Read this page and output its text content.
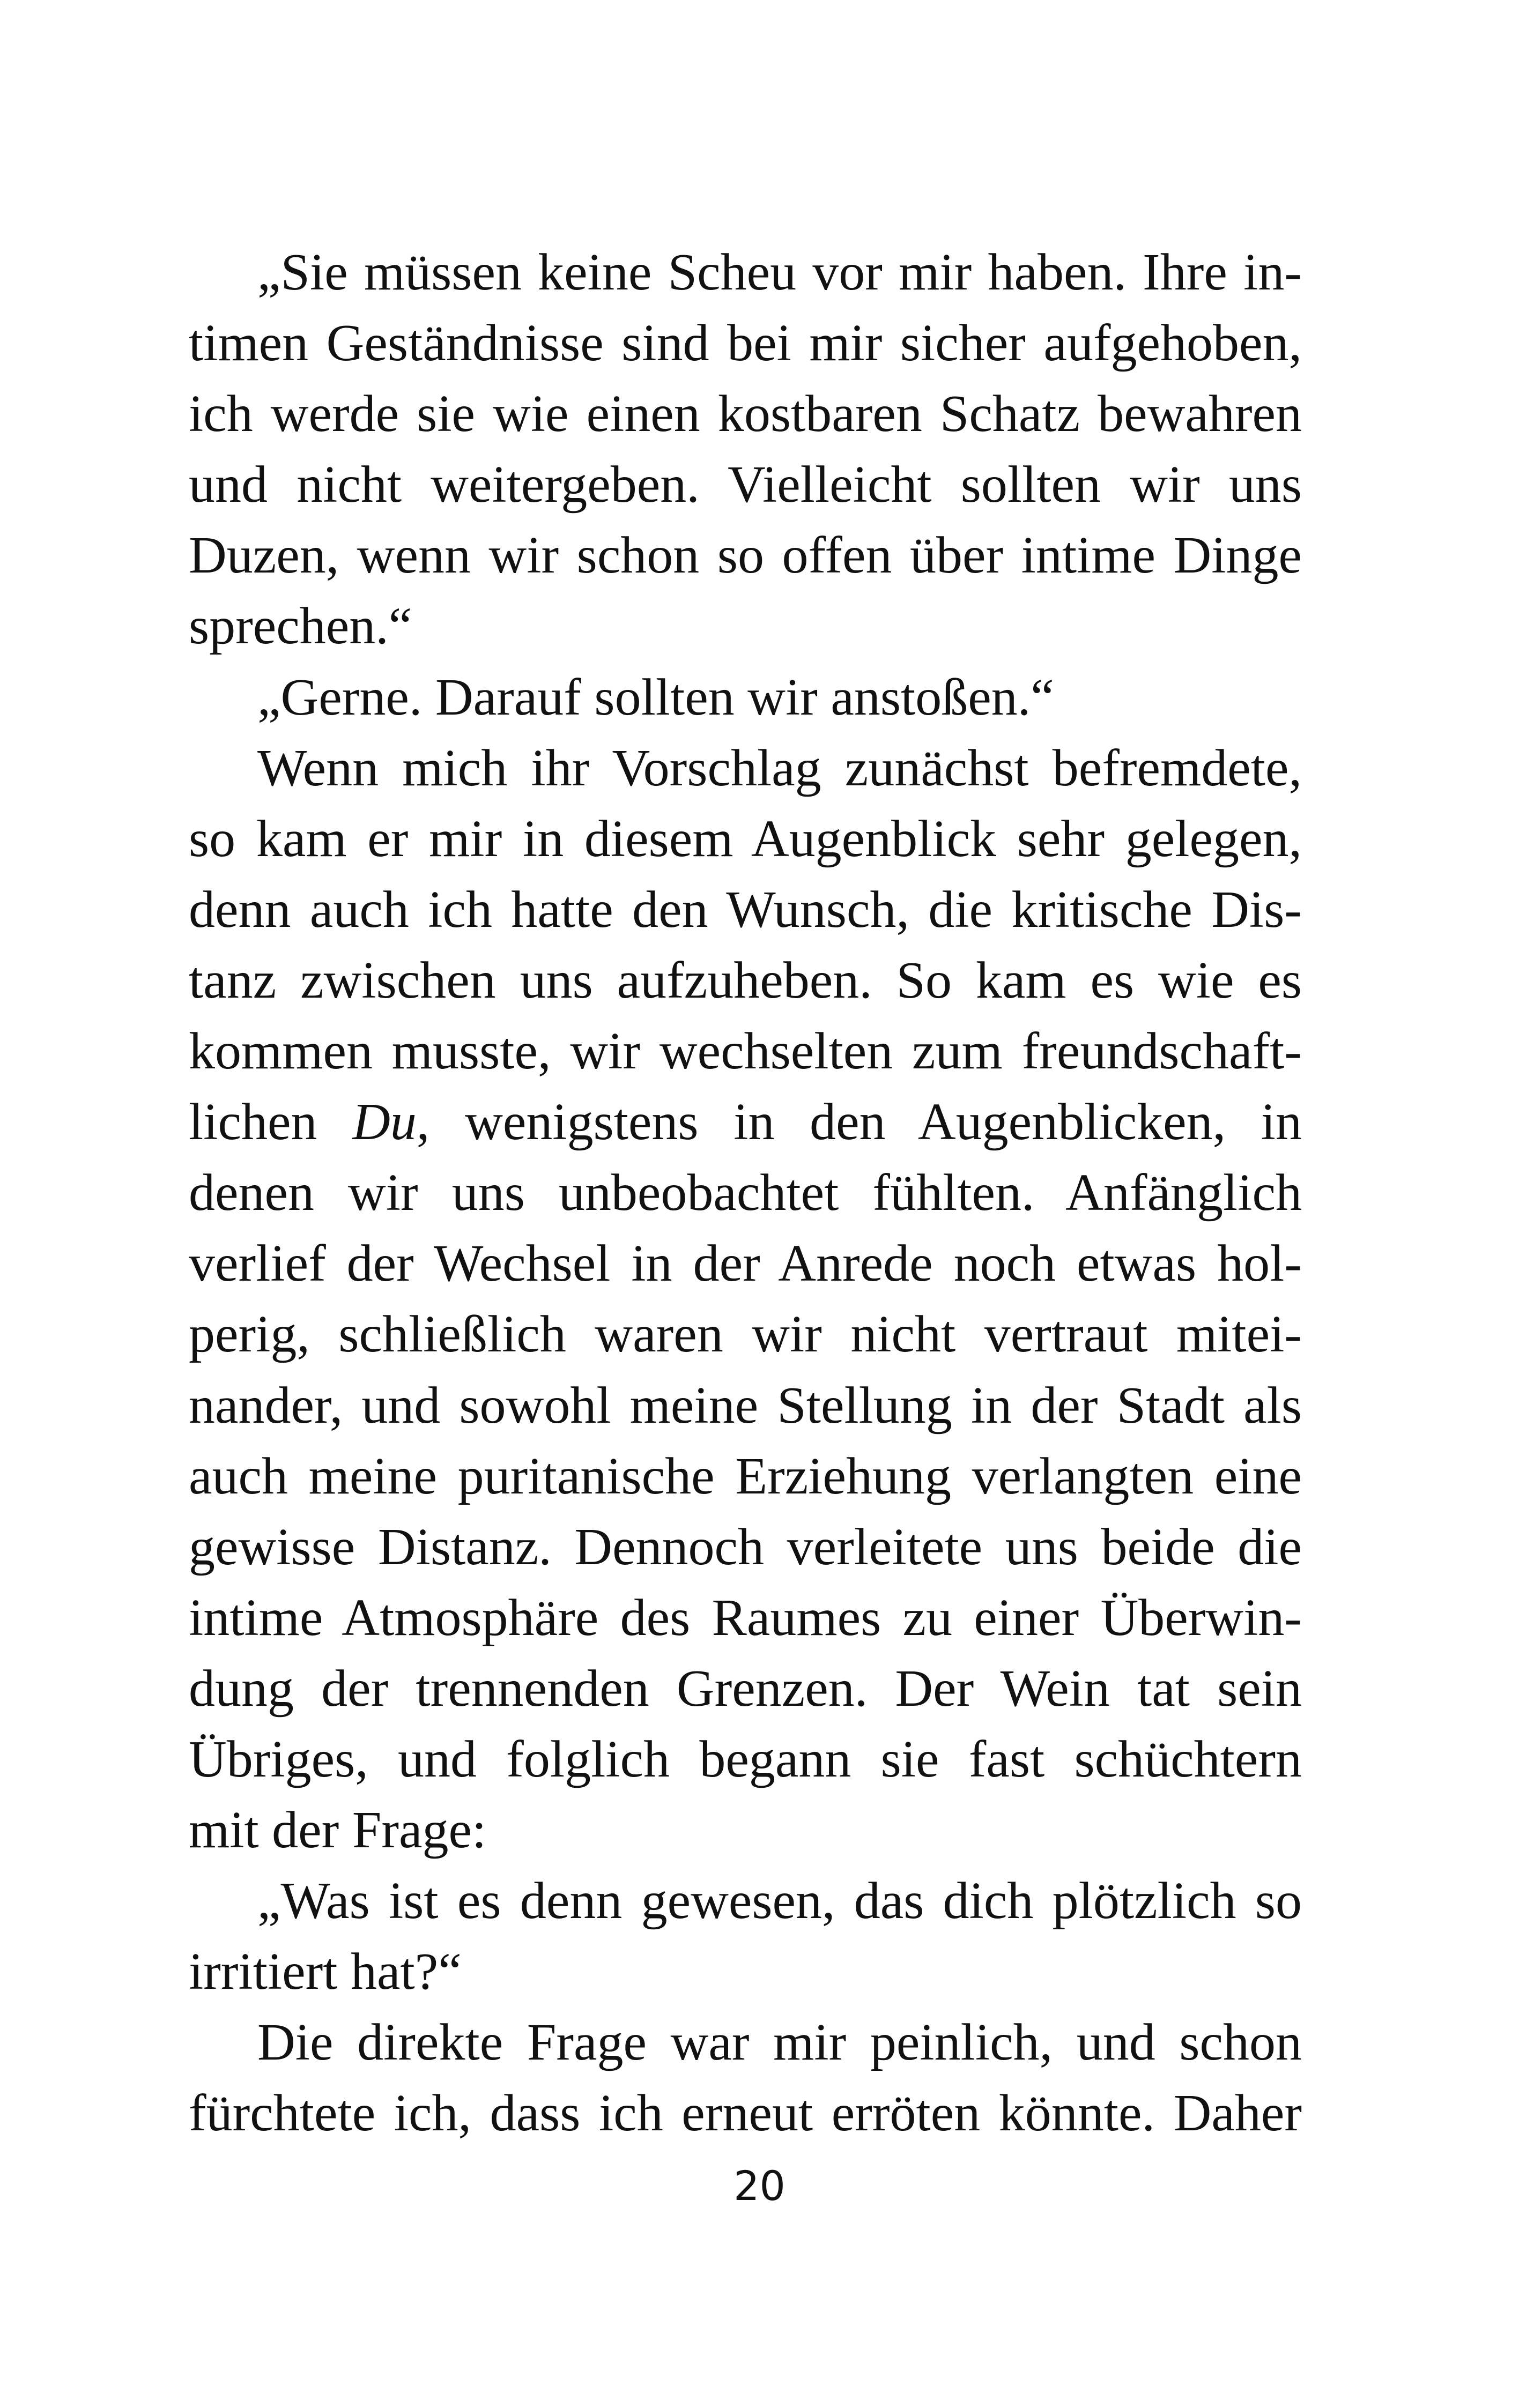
„Sie müssen keine Scheu vor mir haben. Ihre in-
timen Geständnisse sind bei mir sicher aufgehoben,
ich werde sie wie einen kostbaren Schatz bewahren
und nicht weitergeben. Vielleicht sollten wir uns
Duzen, wenn wir schon so offen über intime Dinge
sprechen.“
„Gerne. Darauf sollten wir anstoßen.“
Wenn mich ihr Vorschlag zunächst befremdete,
so kam er mir in diesem Augenblick sehr gelegen,
denn auch ich hatte den Wunsch, die kritische Dis-
tanz zwischen uns aufzuheben. So kam es wie es
kommen musste, wir wechselten zum freundschaft-
lichen Du, wenigstens in den Augenblicken, in
denen wir uns unbeobachtet fühlten. Anfänglich
verlief der Wechsel in der Anrede noch etwas hol-
perig, schließlich waren wir nicht vertraut mitei-
nander, und sowohl meine Stellung in der Stadt als
auch meine puritanische Erziehung verlangten eine
gewisse Distanz. Dennoch verleitete uns beide die
intime Atmosphäre des Raumes zu einer Überwin-
dung der trennenden Grenzen. Der Wein tat sein
Übriges, und folglich begann sie fast schüchtern
mit der Frage:
„Was ist es denn gewesen, das dich plötzlich so
irritiert hat?“
Die direkte Frage war mir peinlich, und schon
fürchtete ich, dass ich erneut erröten könnte. Daher
20
